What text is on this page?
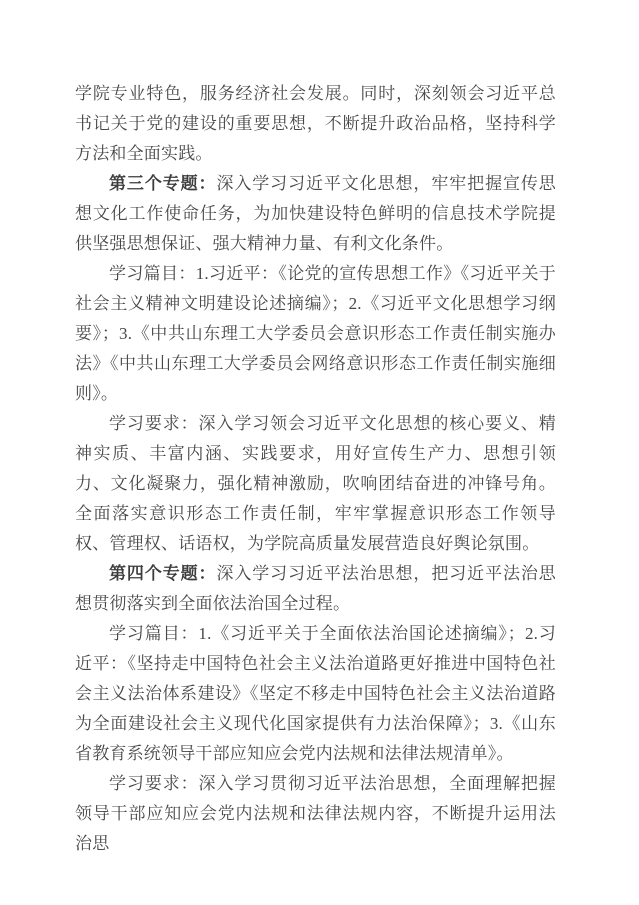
学院专业特色，服务经济社会发展。同时，深刻领会习近平总书记关于党的建设的重要思想，不断提升政治品格，坚持科学方法和全面实践。

第三个专题：深入学习习近平文化思想，牢牢把握宣传思想文化工作使命任务，为加快建设特色鲜明的信息技术学院提供坚强思想保证、强大精神力量、有利文化条件。

学习篇目：1.习近平：《论党的宣传思想工作》《习近平关于社会主义精神文明建设论述摘编》；2.《习近平文化思想学习纲要》；3.《中共山东理工大学委员会意识形态工作责任制实施办法》《中共山东理工大学委员会网络意识形态工作责任制实施细则》。

学习要求：深入学习领会习近平文化思想的核心要义、精神实质、丰富内涵、实践要求，用好宣传生产力、思想引领力、文化凝聚力，强化精神激励，吹响团结奋进的冲锋号角。全面落实意识形态工作责任制，牢牢掌握意识形态工作领导权、管理权、话语权，为学院高质量发展营造良好舆论氛围。

第四个专题：深入学习习近平法治思想，把习近平法治思想贯彻落实到全面依法治国全过程。

学习篇目：1.《习近平关于全面依法治国论述摘编》；2.习近平：《坚持走中国特色社会主义法治道路更好推进中国特色社会主义法治体系建设》《坚定不移走中国特色社会主义法治道路为全面建设社会主义现代化国家提供有力法治保障》；3.《山东省教育系统领导干部应知应会党内法规和法律法规清单》。

学习要求：深入学习贯彻习近平法治思想，全面理解把握领导干部应知应会党内法规和法律法规内容，不断提升运用法治思
